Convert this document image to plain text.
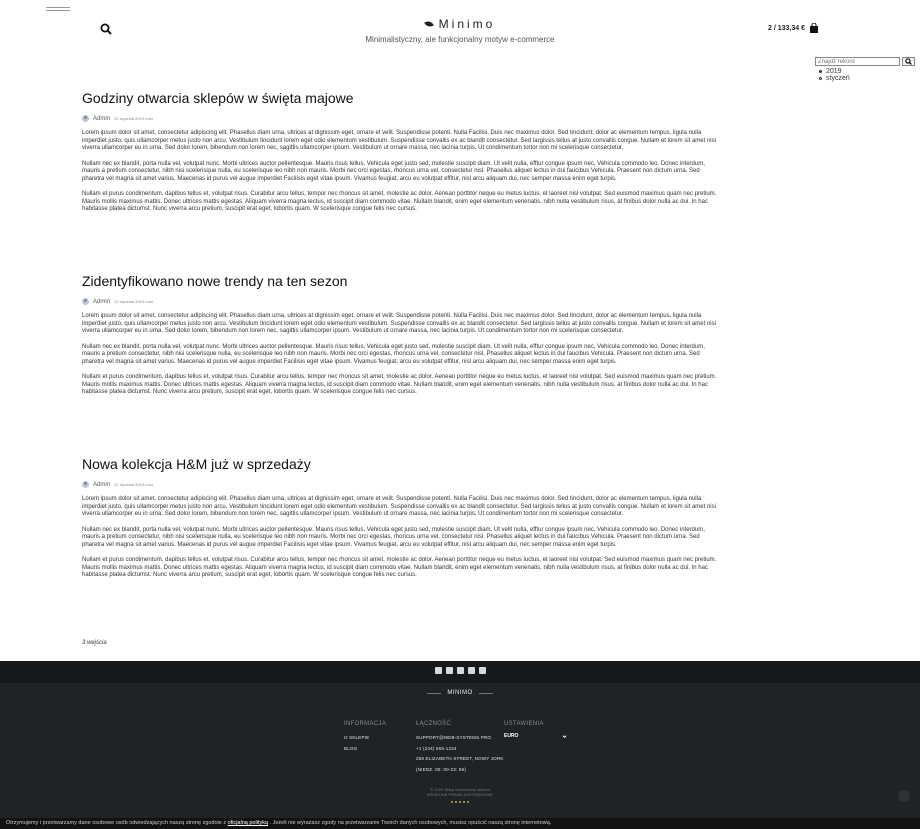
Minimo
Minimalistyczny, ale funkcjonalny motyw e-commerce
2 / 133,34 €
Znajdź rekord
2019
styczeń
Godziny otwarcia sklepów w święta majowe
Admin 12 stycznia 2019 roku

Lorem ipsum dolor sit amet, consectetur adipiscing elit. Phasellus diam urna, ultrices at dignissim eget, ornare et velit. Suspendisse potenti. Nulla Facilisi. Duis nec maximus dolor. Sed tincidunt, dolor ac elementum tempus, ligula nulla imperdiet justo, quis ullamcorper metus justo non arcu. Vestibulum tincidunt lorem eget odio elementum vestibulum. Suspendisse convallis ex ac blandit consectetur. Sed largissis tellus at justo convallis congue. Nullam et lorem sit amet nisi viverra ullamcorper eu in urna. Sed dolor lorem, bibendum non lorem nec, sagittis ullamcorper ipsum. Vestibulum ut ornare massa, nec lacinia turpis. Ut condimentum tortor non mi scelerisque consectetur.

Nullam nec ex blandit, porta nulla vel, volutpat nunc. Morbi ultrices auctor pellentesque. Mauris risus tellus, Vehicula eget justo sed, molestie suscipit diam. Ut velit nulla, efftur congue ipsum nec, Vehicula commodo leo. Donec interdum, mauris a pretium consectetur, nibh nisi scelerisque nulla, eu scelerisque leo nibh non mauris. Morbi nec orci egestas, rhoncus urna vel, consectetur nisl. Phasellus aliquet lectus in dui faucibus Vehicula. Praesent non dictum urna. Sed pharetra vel magna sit amet varius. Maecenas id purus vel augue imperdiet Facilisis eget vitae ipsum. Vivamus feugiat, arcu eu volutpat effitur, nisl arcu aliquam dui, nec semper massa enim eget turpis.

Nullam et purus condimentum, dapibus tellus et, volutpat risus. Curabitur arcu tellus, tempor nec rhoncus sit amet, molestie ac dolor. Aenean porttitor neque eu metus luctus, et laoreet nisl volutpat. Sed euismod maximus quam nec pretium. Mauris mollis maximus mattis. Donec ultrices mattis egestas. Aliquam viverra magna lectus, id suscipit diam commodo vitae. Nullam blandit, enim eget elementum venenatis, nibh nulla vestibulum risus, at finibus dolor nulla ac dui. In hac habitasse platea dictumst. Nunc viverra arcu pretium, suscipit erat eget, lobortis quam. W scelerisque congue felis nec cursus.

Zidentyfikowano nowe trendy na ten sezon
Admin 12 stycznia 2019 roku

Lorem ipsum dolor sit amet, consectetur adipiscing elit. Phasellus diam urna, ultrices at dignissim eget, ornare et velit. Suspendisse potenti. Nulla Facilisi. Duis nec maximus dolor. Sed tincidunt, dolor ac elementum tempus, ligula nulla imperdiet justo, quis ullamcorper metus justo non arcu. Vestibulum tincidunt lorem eget odio elementum vestibulum. Suspendisse convallis ex ac blandit consectetur. Sed largissis tellus at justo convallis congue. Nullam et lorem sit amet nisi viverra ullamcorper eu in urna. Sed dolor lorem, bibendum non lorem nec, sagittis ullamcorper ipsum. Vestibulum ut ornare massa, nec lacinia turpis. Ut condimentum tortor non mi scelerisque consectetur.

Nullam nec ex blandit, porta nulla vel, volutpat nunc. Morbi ultrices auctor pellentesque. Mauris risus tellus, Vehicula eget justo sed, molestie suscipit diam. Ut velit nulla, efftur congue ipsum nec, Vehicula commodo leo. Donec interdum, mauris a pretium consectetur, nibh nisi scelerisque nulla, eu scelerisque leo nibh non mauris. Morbi nec orci egestas, rhoncus urna vel, consectetur nisl. Phasellus aliquet lectus in dui faucibus Vehicula. Praesent non dictum urna. Sed pharetra vel magna sit amet varius. Maecenas id purus vel augue imperdiet Facilisis eget vitae ipsum. Vivamus feugiat, arcu eu volutpat effitur, nisl arcu aliquam dui, nec semper massa enim eget turpis.

Nullam et purus condimentum, dapibus tellus et, volutpat risus. Curabitur arcu tellus, tempor nec rhoncus sit amet, molestie ac dolor. Aenean porttitor neque eu metus luctus, et laoreet nisl volutpat. Sed euismod maximus quam nec pretium. Mauris mollis maximus mattis. Donec ultrices mattis egestas. Aliquam viverra magna lectus, id suscipit diam commodo vitae. Nullam blandit, enim eget elementum venenatis, nibh nulla vestibulum risus, at finibus dolor nulla ac dui. In hac habitasse platea dictumst. Nunc viverra arcu pretium, suscipit erat eget, lobortis quam. W scelerisque congue felis nec cursus.

Nowa kolekcja H&M już w sprzedaży
Admin 12 stycznia 2019 roku

Lorem ipsum dolor sit amet, consectetur adipiscing elit. Phasellus diam urna, ultrices at dignissim eget, ornare et velit. Suspendisse potenti. Nulla Facilisi. Duis nec maximus dolor. Sed tincidunt, dolor ac elementum tempus, ligula nulla imperdiet justo, quis ullamcorper metus justo non arcu. Vestibulum tincidunt lorem eget odio elementum vestibulum. Suspendisse convallis ex ac blandit consectetur. Sed largissis tellus at justo convallis congue. Nullam et lorem sit amet nisi viverra ullamcorper eu in urna. Sed dolor lorem, bibendum non lorem nec, sagittis ullamcorper ipsum. Vestibulum ut ornare massa, nec lacinia turpis. Ut condimentum tortor non mi scelerisque consectetur.

Nullam nec ex blandit, porta nulla vel, volutpat nunc. Morbi ultrices auctor pellentesque. Mauris risus tellus, Vehicula eget justo sed, molestie suscipit diam. Ut velit nulla, efftur congue ipsum nec, Vehicula commodo leo. Donec interdum, mauris a pretium consectetur, nibh nisi scelerisque nulla, eu scelerisque leo nibh non mauris. Morbi nec orci egestas, rhoncus urna vel, consectetur nisl. Phasellus aliquet lectus in dui faucibus Vehicula. Praesent non dictum urna. Sed pharetra vel magna sit amet varius. Maecenas id purus vel augue imperdiet Facilisis eget vitae ipsum. Vivamus feugiat, arcu eu volutpat effitur, nisl arcu aliquam dui, nec semper massa enim eget turpis.

Nullam et purus condimentum, dapibus tellus et, volutpat risus. Curabitur arcu tellus, tempor nec rhoncus sit amet, molestie ac dolor. Aenean porttitor neque eu metus luctus, et laoreet nisl volutpat. Sed euismod maximus quam nec pretium. Mauris mollis maximus mattis. Donec ultrices mattis egestas. Aliquam viverra magna lectus, id suscipit diam commodo vitae. Nullam blandit, enim eget elementum venenatis, nibh nulla vestibulum risus, at finibus dolor nulla ac dui. In hac habitasse platea dictumst. Nunc viverra arcu pretium, suscipit erat eget, lobortis quam. W scelerisque congue felis nec cursus.

3 wejścia
MINIMO
INFORMACJA
O SKLEPIE
BLOG
ŁĄCZNOŚĆ
SUPPORT@WEB-SYSTEMS.PRO
+1 (234) 555-1234
268 ELIZABETH STREET, NOWY JORK
(NIEDZ. 00: 00-23: 59)
USTAWIENIA
EURO
© 2020 Sklep internetowy minimo
WSZELKIE PRAWA ZASTRZEŻONE
Otrzymujemy i przetwarzamy dane osobowe osób odwiedzających naszą stronę zgodnie z oficjalną polityką . Jeżeli nie wyrażasz zgody na przetwarzanie Twoich danych osobowych, musisz opuścić naszą stronę internetową.
